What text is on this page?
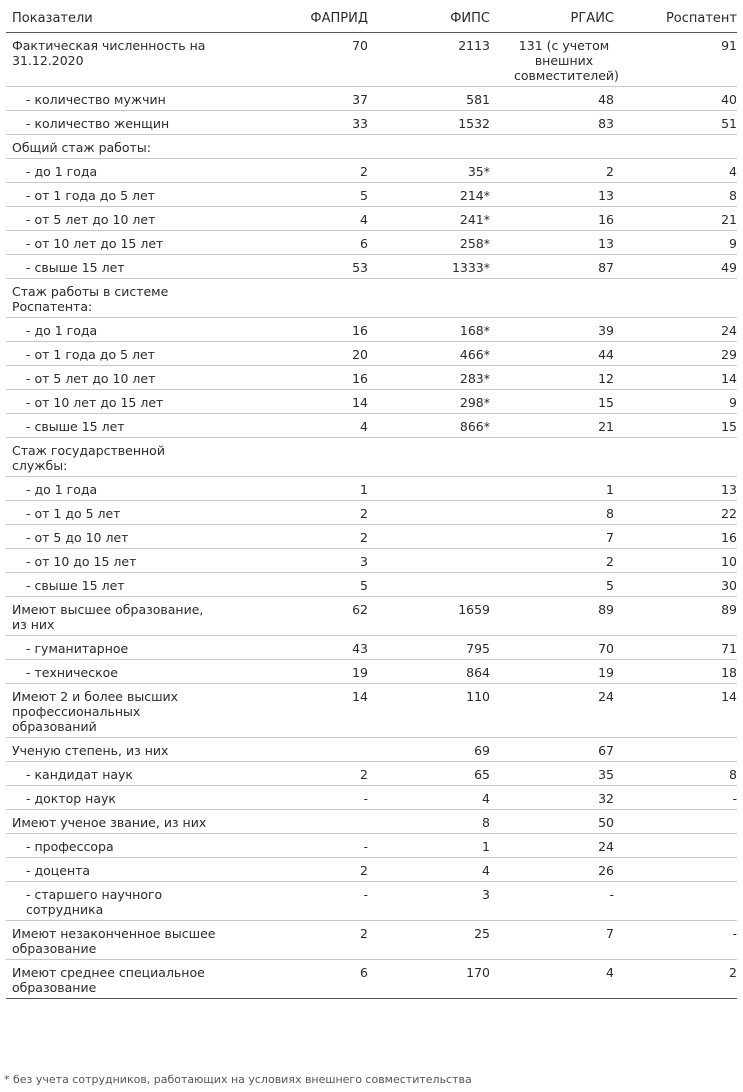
Показатели	ФАПРИД	ФИПС	РГАИС	Роспатент
Фактическая численность на 31.12.2020	70	2113	131 (с учетом внешних совместителей)	91
- количество мужчин	37	581	48	40
- количество женщин	33	1532	83	51
Общий стаж работы:				
- до 1 года	2	35*	2	4
- от 1 года до 5 лет	5	214*	13	8
- от 5 лет до 10 лет	4	241*	16	21
- от 10 лет до 15 лет	6	258*	13	9
- свыше 15 лет	53	1333*	87	49
Стаж работы в системе Роспатента:				
- до 1 года	16	168*	39	24
- от 1 года до 5 лет	20	466*	44	29
- от 5 лет до 10 лет	16	283*	12	14
- от 10 лет до 15 лет	14	298*	15	9
- свыше 15 лет	4	866*	21	15
Стаж государственной службы:				
- до 1 года	1		1	13
- от 1 до 5 лет	2		8	22
- от 5 до 10 лет	2		7	16
- от 10 до 15 лет	3		2	10
- свыше 15 лет	5		5	30
Имеют высшее образование, из них	62	1659	89	89
- гуманитарное	43	795	70	71
- техническое	19	864	19	18
Имеют 2 и более высших профессиональных образований	14	110	24	14
Ученую степень, из них		69	67	
- кандидат наук	2	65	35	8
- доктор наук	-	4	32	-
Имеют ученое звание, из них		8	50	
- профессора	-	1	24	
- доцента	2	4	26	
- старшего научного сотрудника	-	3	-	
Имеют незаконченное высшее образование	2	25	7	-
Имеют среднее специальное образование	6	170	4	2
* без учета сотрудников, работающих на условиях внешнего совместительства
